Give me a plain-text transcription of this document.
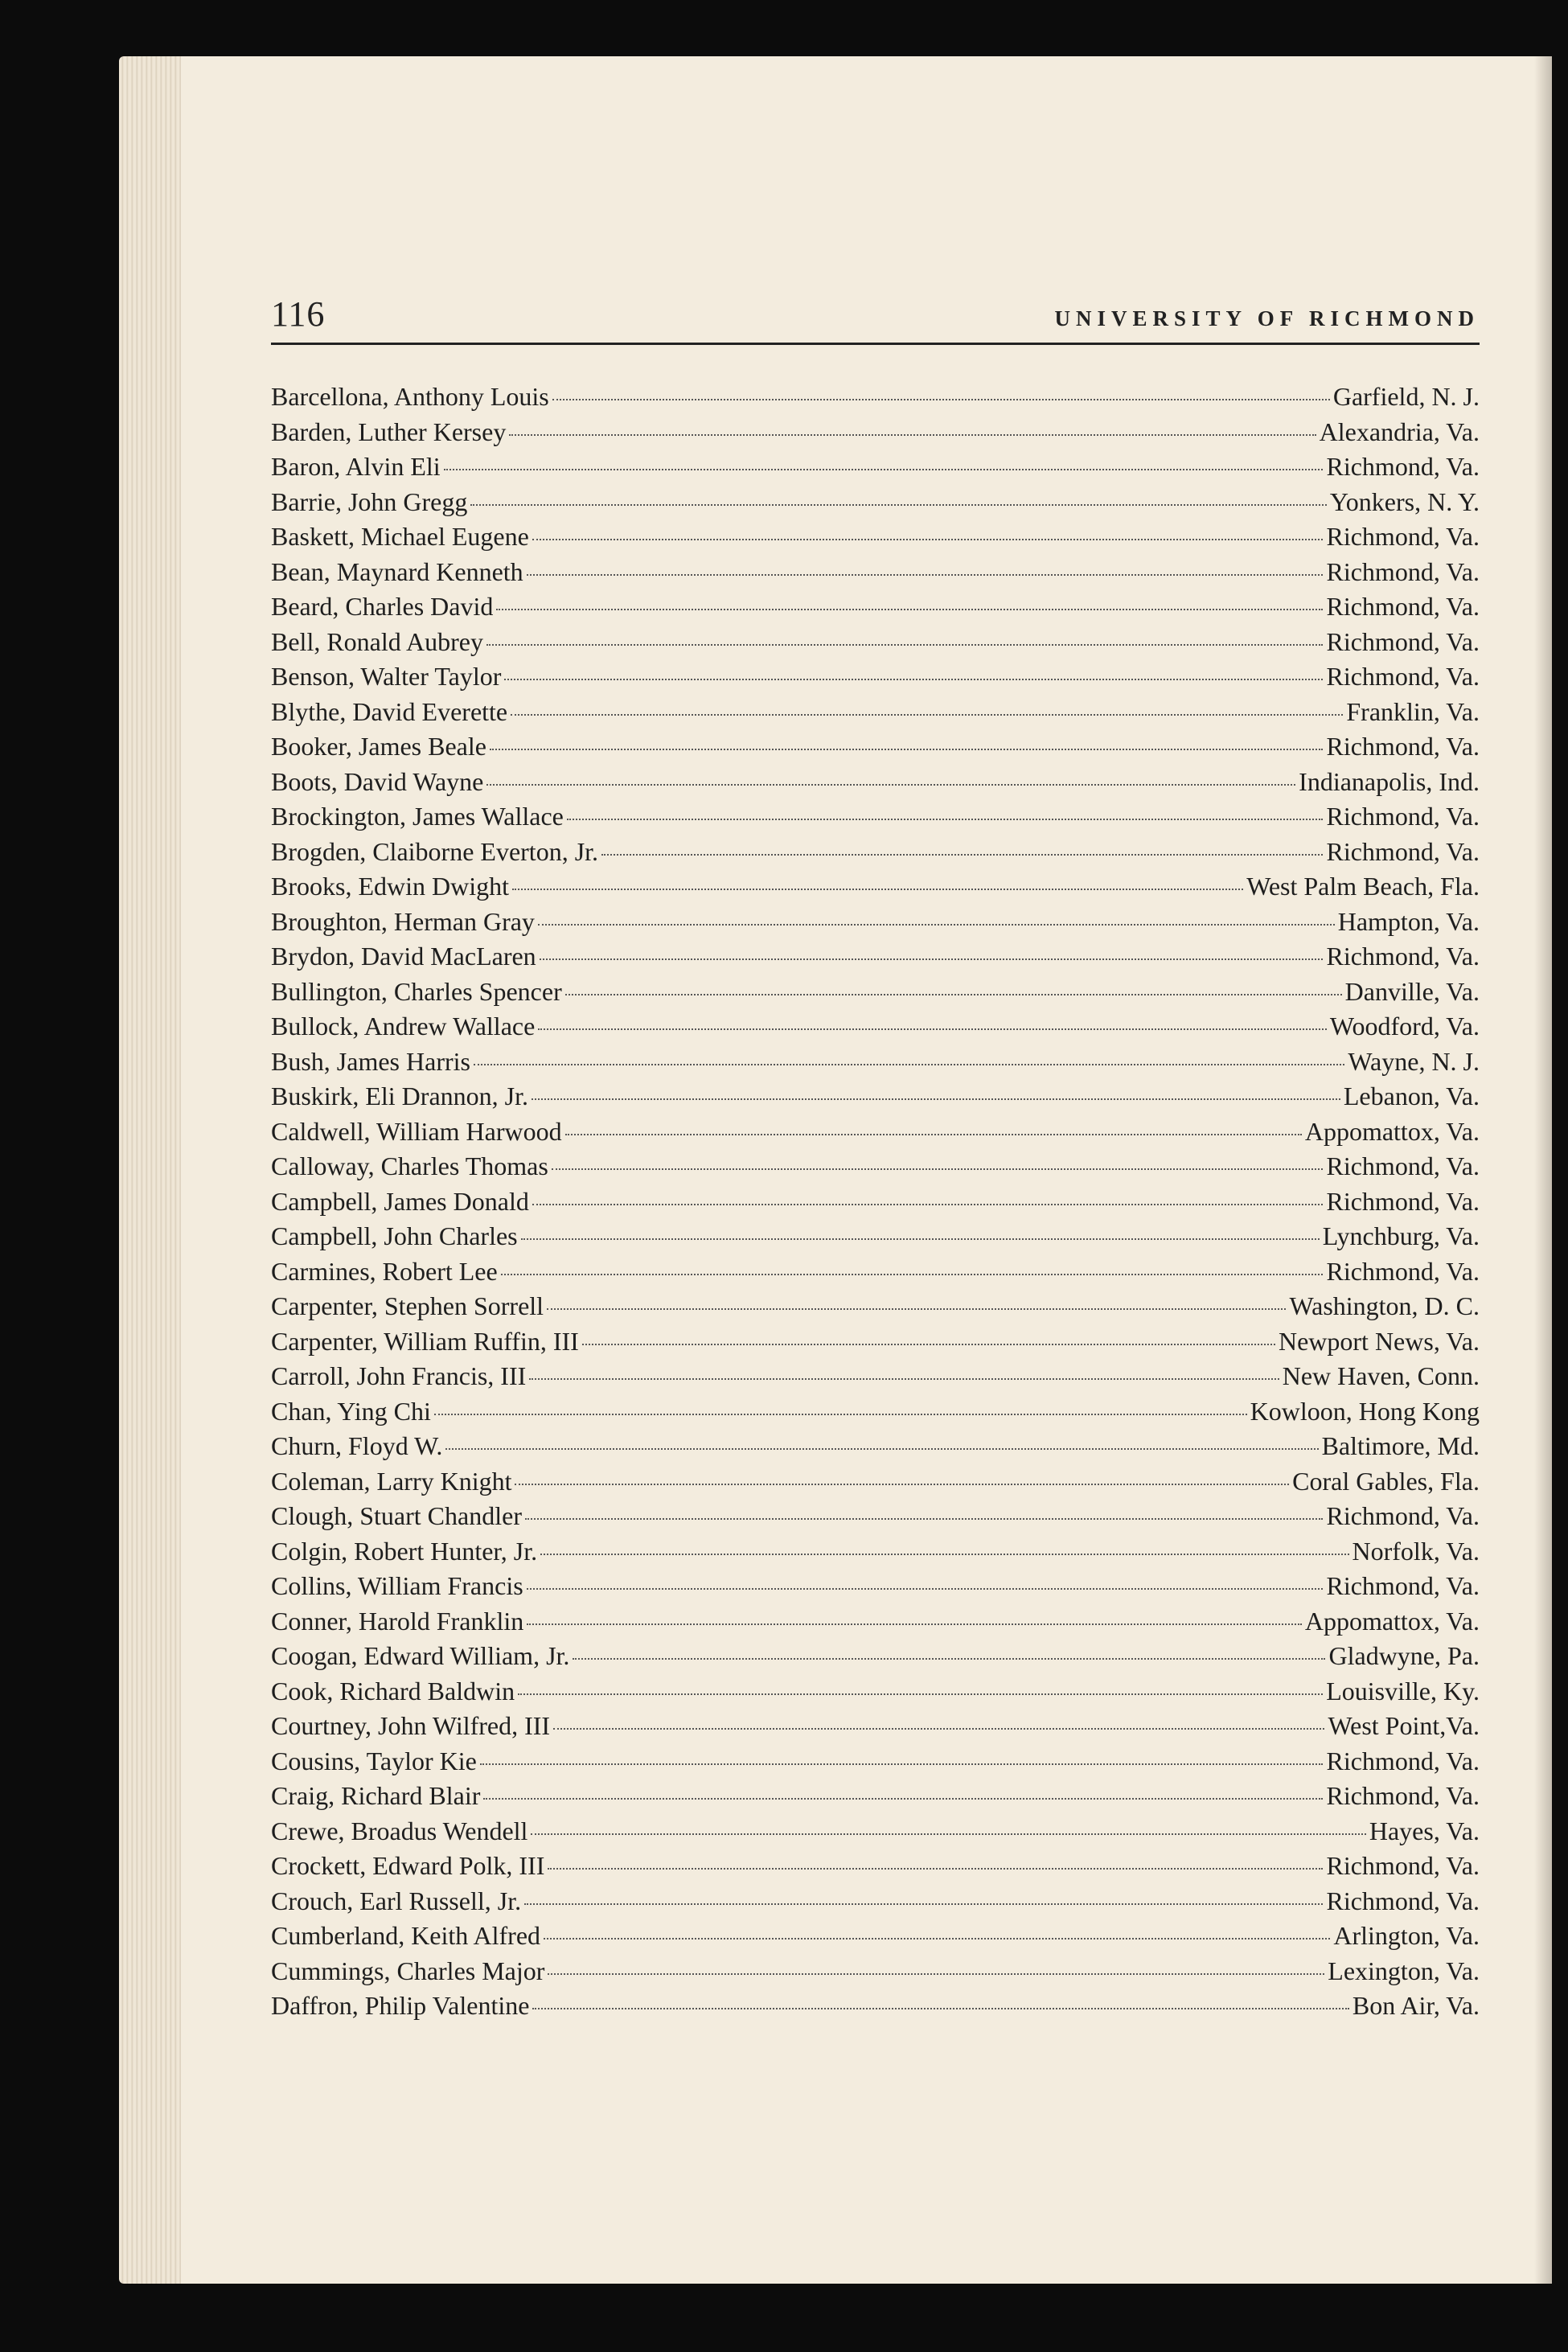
116	UNIVERSITY OF RICHMOND
Barcellona, Anthony Louis	Garfield, N. J.
Barden, Luther Kersey	Alexandria, Va.
Baron, Alvin Eli	Richmond, Va.
Barrie, John Gregg	Yonkers, N. Y.
Baskett, Michael Eugene	Richmond, Va.
Bean, Maynard Kenneth	Richmond, Va.
Beard, Charles David	Richmond, Va.
Bell, Ronald Aubrey	Richmond, Va.
Benson, Walter Taylor	Richmond, Va.
Blythe, David Everette	Franklin, Va.
Booker, James Beale	Richmond, Va.
Boots, David Wayne	Indianapolis, Ind.
Brockington, James Wallace	Richmond, Va.
Brogden, Claiborne Everton, Jr.	Richmond, Va.
Brooks, Edwin Dwight	West Palm Beach, Fla.
Broughton, Herman Gray	Hampton, Va.
Brydon, David MacLaren	Richmond, Va.
Bullington, Charles Spencer	Danville, Va.
Bullock, Andrew Wallace	Woodford, Va.
Bush, James Harris	Wayne, N. J.
Buskirk, Eli Drannon, Jr.	Lebanon, Va.
Caldwell, William Harwood	Appomattox, Va.
Calloway, Charles Thomas	Richmond, Va.
Campbell, James Donald	Richmond, Va.
Campbell, John Charles	Lynchburg, Va.
Carmines, Robert Lee	Richmond, Va.
Carpenter, Stephen Sorrell	Washington, D. C.
Carpenter, William Ruffin, III	Newport News, Va.
Carroll, John Francis, III	New Haven, Conn.
Chan, Ying Chi	Kowloon, Hong Kong
Churn, Floyd W.	Baltimore, Md.
Coleman, Larry Knight	Coral Gables, Fla.
Clough, Stuart Chandler	Richmond, Va.
Colgin, Robert Hunter, Jr.	Norfolk, Va.
Collins, William Francis	Richmond, Va.
Conner, Harold Franklin	Appomattox, Va.
Coogan, Edward William, Jr.	Gladwyne, Pa.
Cook, Richard Baldwin	Louisville, Ky.
Courtney, John Wilfred, III	West Point,Va.
Cousins, Taylor Kie	Richmond, Va.
Craig, Richard Blair	Richmond, Va.
Crewe, Broadus Wendell	Hayes, Va.
Crockett, Edward Polk, III	Richmond, Va.
Crouch, Earl Russell, Jr.	Richmond, Va.
Cumberland, Keith Alfred	Arlington, Va.
Cummings, Charles Major	Lexington, Va.
Daffron, Philip Valentine	Bon Air, Va.
